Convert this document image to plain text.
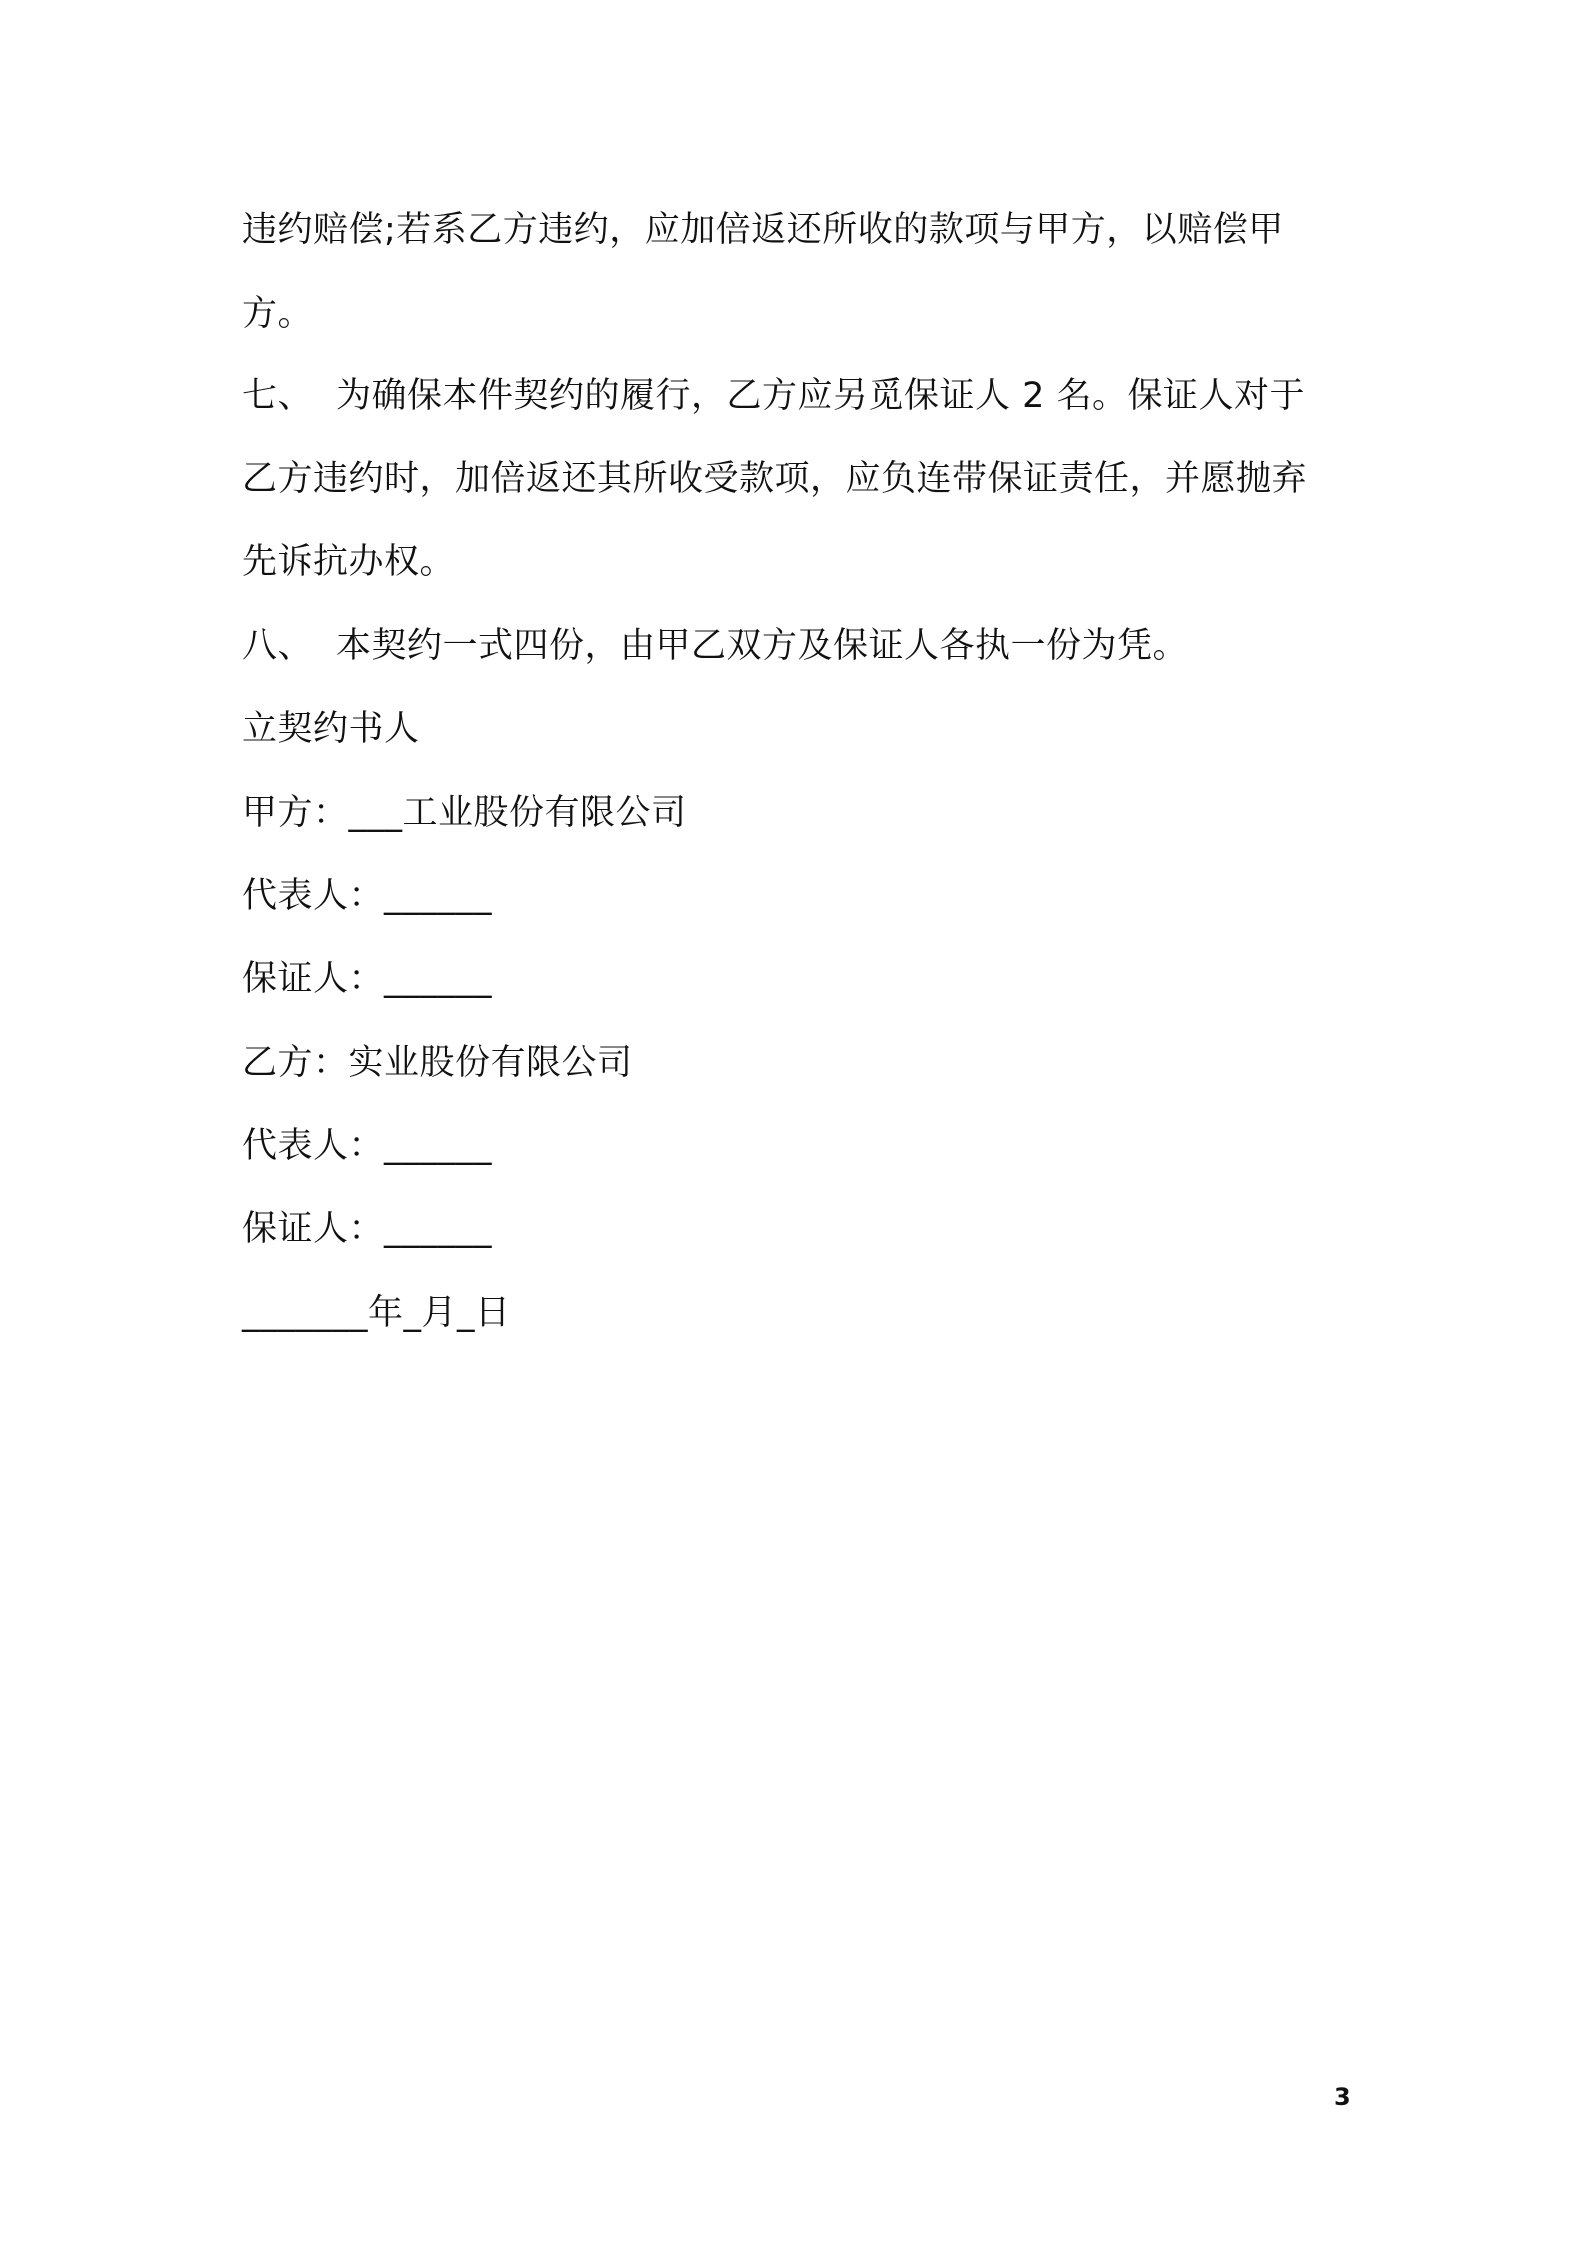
违约赔偿;若系乙方违约，应加倍返还所收的款项与甲方，以赔偿甲
方。
七、 为确保本件契约的履行，乙方应另觅保证人 2 名。保证人对于
乙方违约时，加倍返还其所收受款项，应负连带保证责任，并愿抛弃
先诉抗办权。
八、 本契约一式四份，由甲乙双方及保证人各执一份为凭。
立契约书人
甲方：___工业股份有限公司
代表人：______
保证人：______
乙方：实业股份有限公司
代表人：______
保证人：______
_______年_月_日
3
